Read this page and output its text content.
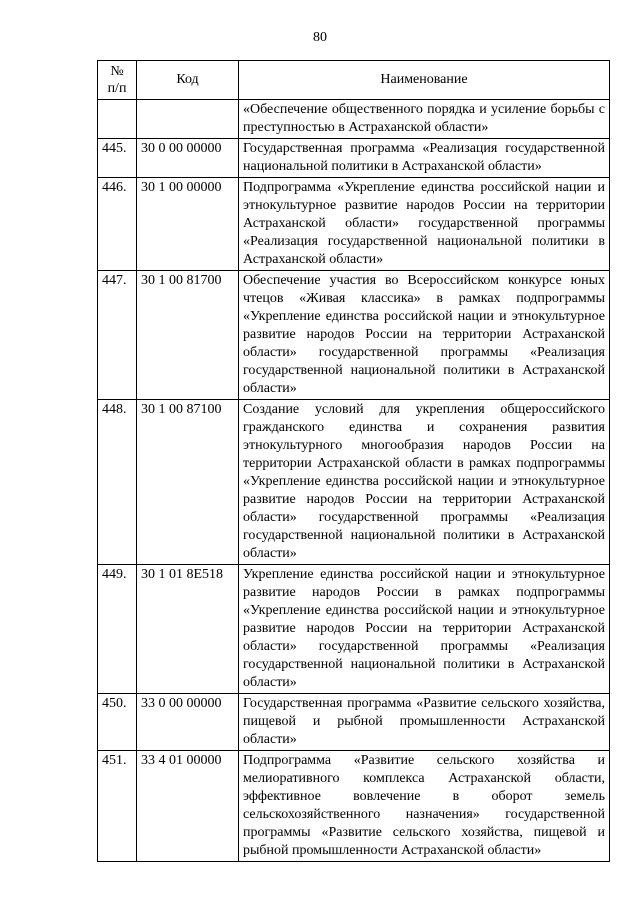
80
№
п/п	Код	Наименование
		«Обеспечение общественного порядка и усиление борьбы с преступностью в Астраханской области»
445.	30 0 00 00000	Государственная программа «Реализация государственной национальной политики в Астраханской области»
446.	30 1 00 00000	Подпрограмма «Укрепление единства российской нации и этнокультурное развитие народов России на территории Астраханской области» государственной программы «Реализация государственной национальной политики в Астраханской области»
447.	30 1 00 81700	Обеспечение участия во Всероссийском конкурсе юных чтецов «Живая классика» в рамках подпрограммы «Укрепление единства российской нации и этнокультурное развитие народов России на территории Астраханской области» государственной программы «Реализация государственной национальной политики в Астраханской области»
448.	30 1 00 87100	Создание условий для укрепления общероссийского гражданского единства и сохранения развития этнокультурного многообразия народов России на территории Астраханской области в рамках подпрограммы «Укрепление единства российской нации и этнокультурное развитие народов России на территории Астраханской области» государственной программы «Реализация государственной национальной политики в Астраханской области»
449.	30 1 01 8E518	Укрепление единства российской нации и этнокультурное развитие народов России в рамках подпрограммы «Укрепление единства российской нации и этнокультурное развитие народов России на территории Астраханской области» государственной программы «Реализация государственной национальной политики в Астраханской области»
450.	33 0 00 00000	Государственная программа «Развитие сельского хозяйства, пищевой и рыбной промышленности Астраханской области»
451.	33 4 01 00000	Подпрограмма «Развитие сельского хозяйства и мелиоративного комплекса Астраханской области, эффективное вовлечение в оборот земель сельскохозяйственного назначения» государственной программы «Развитие сельского хозяйства, пищевой и рыбной промышленности Астраханской области»
